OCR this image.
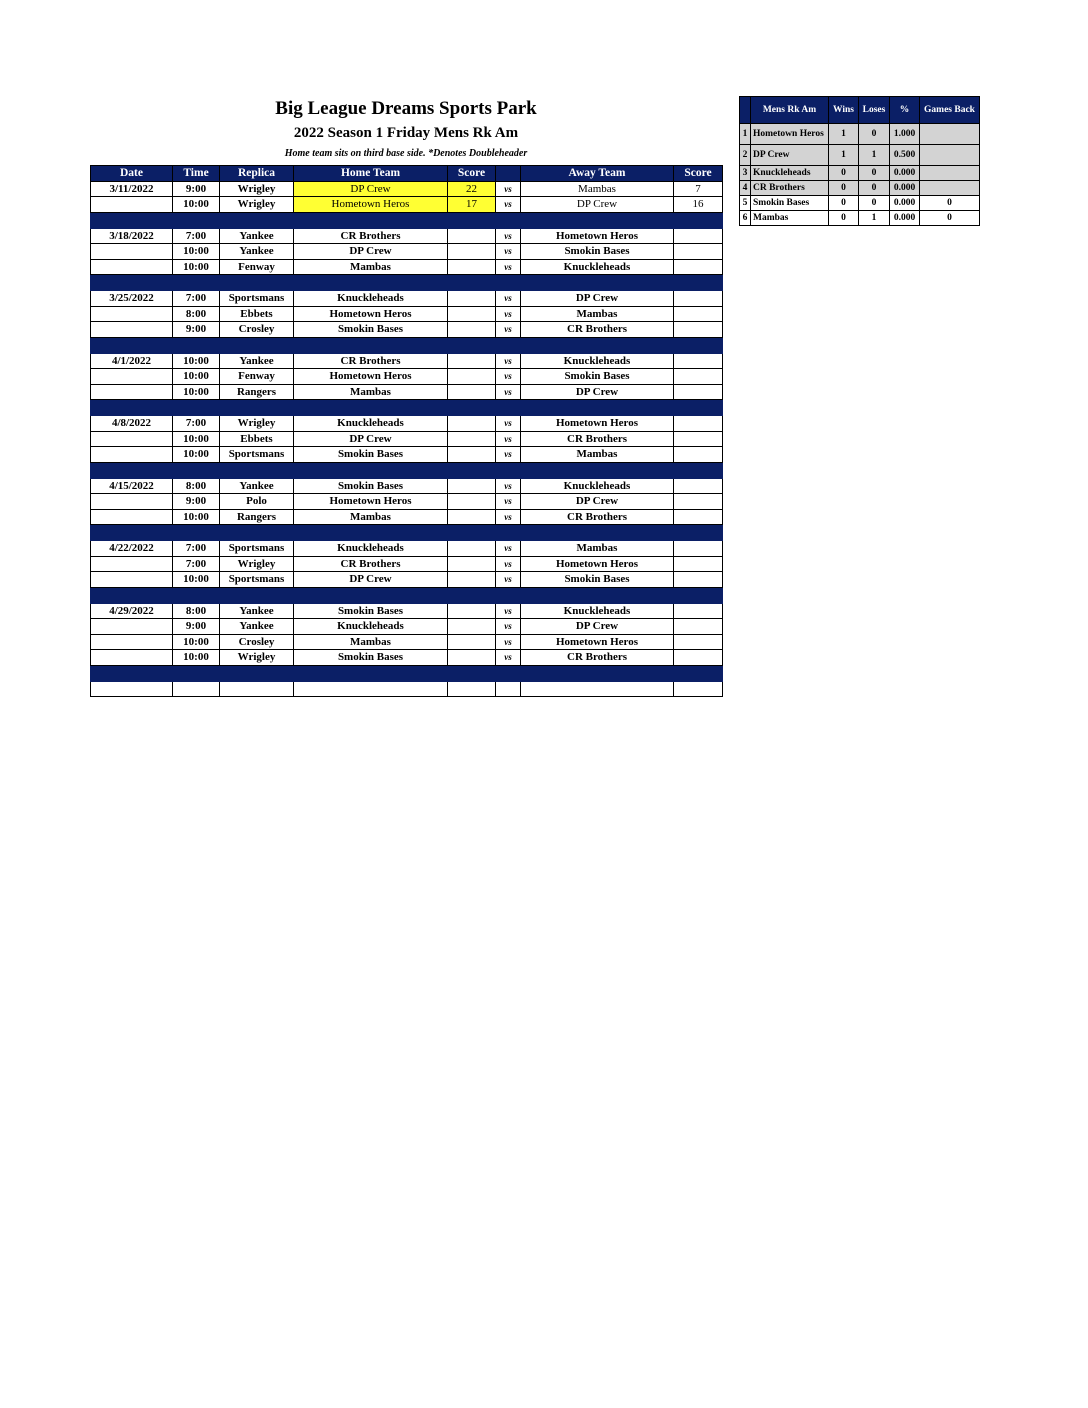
Big League Dreams Sports Park
2022 Season 1 Friday Mens Rk Am
Home team sits on third base side. *Denotes Doubleheader
Date	Time	Replica	Home Team	Score		Away Team	Score
3/11/2022	9:00	Wrigley	DP Crew	22	vs	Mambas	7
	10:00	Wrigley	Hometown Heros	17	vs	DP Crew	16

3/18/2022	7:00	Yankee	CR Brothers		vs	Hometown Heros	
	10:00	Yankee	DP Crew		vs	Smokin Bases	
	10:00	Fenway	Mambas		vs	Knuckleheads	

3/25/2022	7:00	Sportsmans	Knuckleheads		vs	DP Crew	
	8:00	Ebbets	Hometown Heros		vs	Mambas	
	9:00	Crosley	Smokin Bases		vs	CR Brothers	

4/1/2022	10:00	Yankee	CR Brothers		vs	Knuckleheads	
	10:00	Fenway	Hometown Heros		vs	Smokin Bases	
	10:00	Rangers	Mambas		vs	DP Crew	

4/8/2022	7:00	Wrigley	Knuckleheads		vs	Hometown Heros	
	10:00	Ebbets	DP Crew		vs	CR Brothers	
	10:00	Sportsmans	Smokin Bases		vs	Mambas	

4/15/2022	8:00	Yankee	Smokin Bases		vs	Knuckleheads	
	9:00	Polo	Hometown Heros		vs	DP Crew	
	10:00	Rangers	Mambas		vs	CR Brothers	

4/22/2022	7:00	Sportsmans	Knuckleheads		vs	Mambas	
	7:00	Wrigley	CR Brothers		vs	Hometown Heros	
	10:00	Sportsmans	DP Crew		vs	Smokin Bases	

4/29/2022	8:00	Yankee	Smokin Bases		vs	Knuckleheads	
	9:00	Yankee	Knuckleheads		vs	DP Crew	
	10:00	Crosley	Mambas		vs	Hometown Heros	
	10:00	Wrigley	Smokin Bases		vs	CR Brothers	

	Mens Rk Am	Wins	Loses	%	Games Back
1	Hometown Heros	1	0	1.000	
2	DP Crew	1	1	0.500	
3	Knuckleheads	0	0	0.000	
4	CR Brothers	0	0	0.000	
5	Smokin Bases	0	0	0.000	0
6	Mambas	0	1	0.000	0
